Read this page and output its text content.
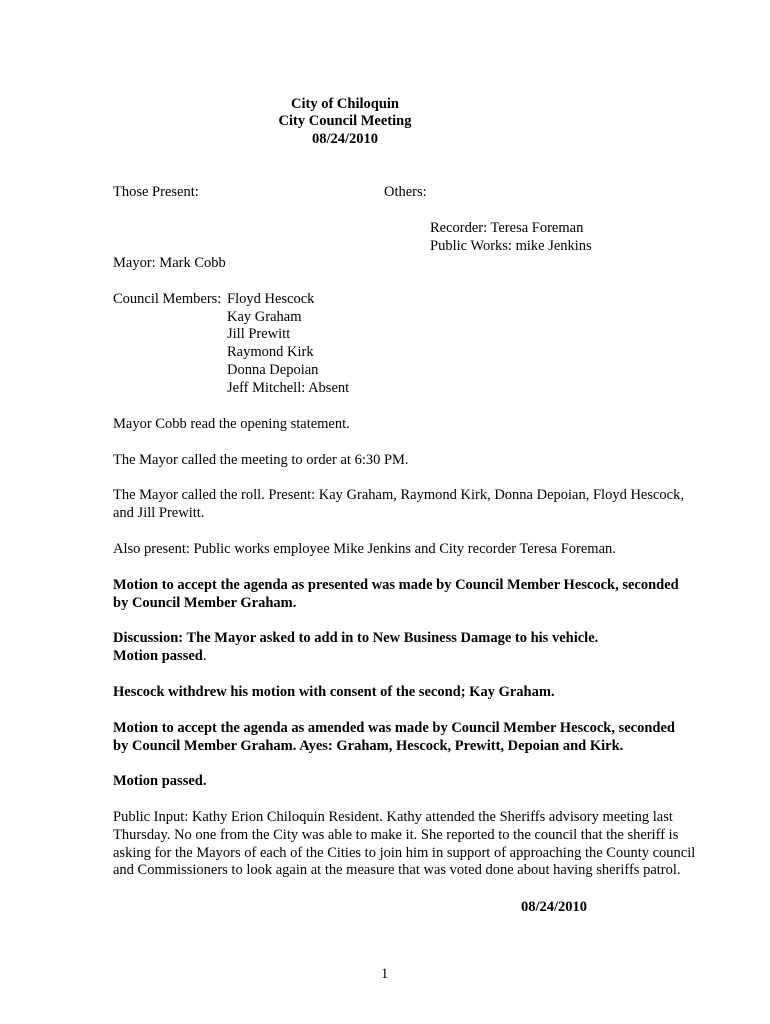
City of Chiloquin
City Council Meeting
08/24/2010
Those Present:	Others:
Recorder: Teresa Foreman
Public Works: mike Jenkins
Mayor: Mark Cobb
Council Members: Floyd Hescock
Kay Graham
Jill Prewitt
Raymond Kirk
Donna Depoian
Jeff Mitchell: Absent
Mayor Cobb read the opening statement.
The Mayor called the meeting to order at 6:30 PM.
The Mayor called the roll. Present: Kay Graham, Raymond Kirk, Donna Depoian, Floyd Hescock,
and Jill Prewitt.
Also present: Public works employee Mike Jenkins and City recorder Teresa Foreman.
Motion to accept the agenda as presented was made by Council Member Hescock, seconded
by Council Member Graham.
Discussion: The Mayor asked to add in to New Business Damage to his vehicle.
Motion passed.
Hescock withdrew his motion with consent of the second; Kay Graham.
Motion to accept the agenda as amended was made by Council Member Hescock, seconded
by Council Member Graham. Ayes: Graham, Hescock, Prewitt, Depoian and Kirk.
Motion passed.
Public Input: Kathy Erion Chiloquin Resident. Kathy attended the Sheriffs advisory meeting last
Thursday. No one from the City was able to make it. She reported to the council that the sheriff is
asking for the Mayors of each of the Cities to join him in support of approaching the County council
and Commissioners to look again at the measure that was voted done about having sheriffs patrol.
08/24/2010
1
